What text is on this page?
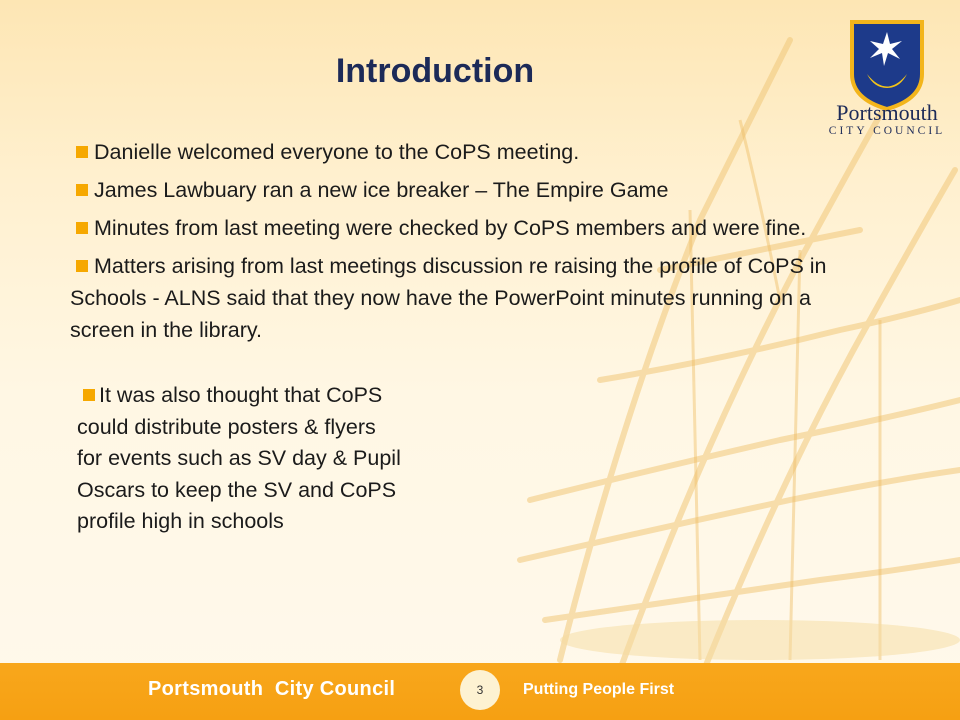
Portsmouth
CITY COUNCIL
Introduction
Danielle welcomed everyone to the CoPS meeting.
James Lawbuary ran a new ice breaker – The Empire Game
Minutes from last meeting were checked by CoPS members and were fine.
Matters arising from last meetings discussion re raising the profile of CoPS in Schools - ALNS said that they now have the PowerPoint minutes running on a screen in the library.
It was also thought that CoPS
could distribute posters & flyers
for events such as SV day & Pupil
Oscars to keep the SV and CoPS
profile high in schools
Portsmouth  City Council	3	Putting People First
